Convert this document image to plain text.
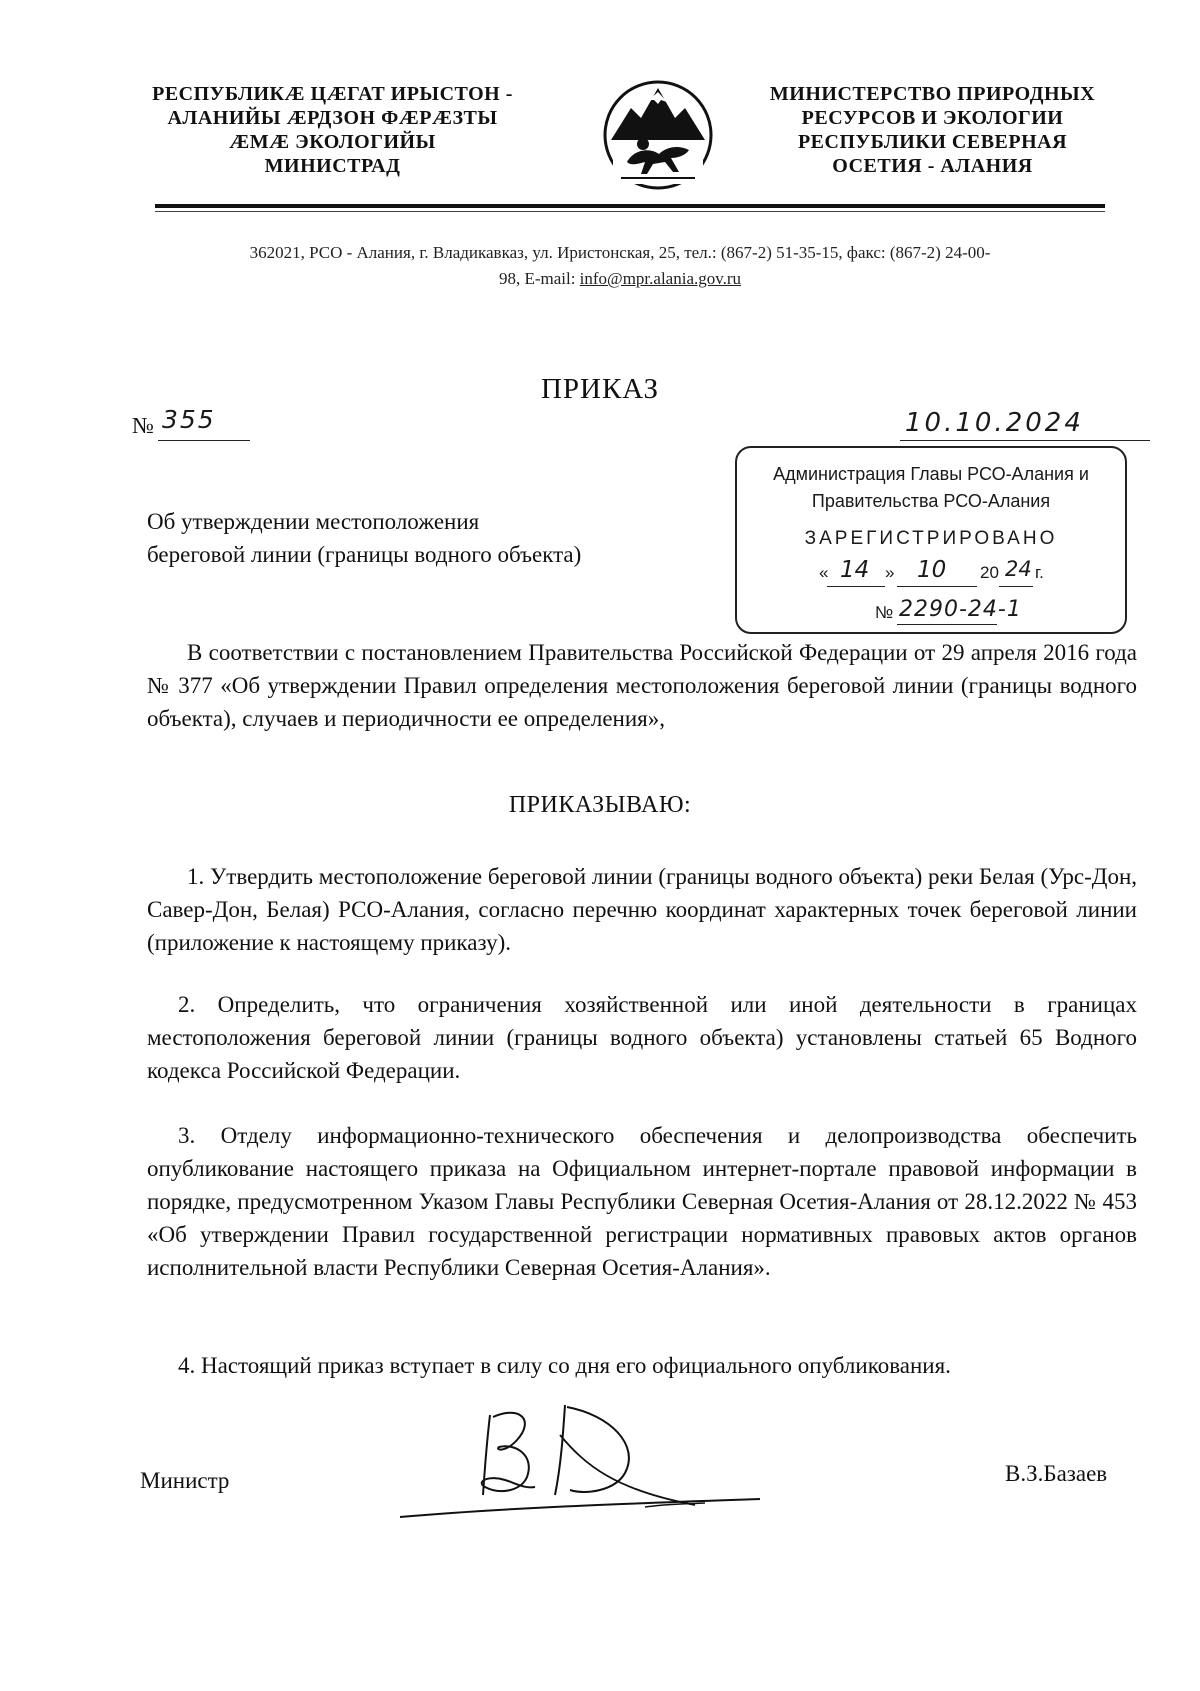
РЕСПУБЛИКÆ ЦÆГАТ ИРЫСТОН -
АЛАНИЙЫ ÆРДЗОН ФÆРÆЗТЫ
ÆМÆ ЭКОЛОГИЙЫ
МИНИСТРАД
МИНИСТЕРСТВО ПРИРОДНЫХ
РЕСУРСОВ И ЭКОЛОГИИ
РЕСПУБЛИКИ СЕВЕРНАЯ
ОСЕТИЯ - АЛАНИЯ
362021, РСО - Алания, г. Владикавказ, ул. Иристонская, 25, тел.: (867-2) 51-35-15, факс: (867-2) 24-00-
98, E-mail: info@mpr.alania.gov.ru
ПРИКАЗ
№ 355	10.10.2024
Об утверждении местоположения
береговой линии (границы водного объекта)
Администрация Главы РСО-Алания и
Правительства РСО-Алания
ЗАРЕГИСТРИРОВАНО
« 14 » 10 20 24 г.
№ 2290-24-1
В соответствии с постановлением Правительства Российской Федерации от 29 апреля 2016 года № 377 «Об утверждении Правил определения местоположения береговой линии (границы водного объекта), случаев и периодичности ее определения»,
ПРИКАЗЫВАЮ:
1. Утвердить местоположение береговой линии (границы водного объекта) реки Белая (Урс-Дон, Савер-Дон, Белая) РСО-Алания, согласно перечню координат характерных точек береговой линии (приложение к настоящему приказу).
2. Определить, что ограничения хозяйственной или иной деятельности в границах местоположения береговой линии (границы водного объекта) установлены статьей 65 Водного кодекса Российской Федерации.
3. Отделу информационно-технического обеспечения и делопроизводства обеспечить опубликование настоящего приказа на Официальном интернет-портале правовой информации в порядке, предусмотренном Указом Главы Республики Северная Осетия-Алания от 28.12.2022 № 453 «Об утверждении Правил государственной регистрации нормативных правовых актов органов исполнительной власти Республики Северная Осетия-Алания».
4. Настоящий приказ вступает в силу со дня его официального опубликования.
Министр	В.З.Базаев
